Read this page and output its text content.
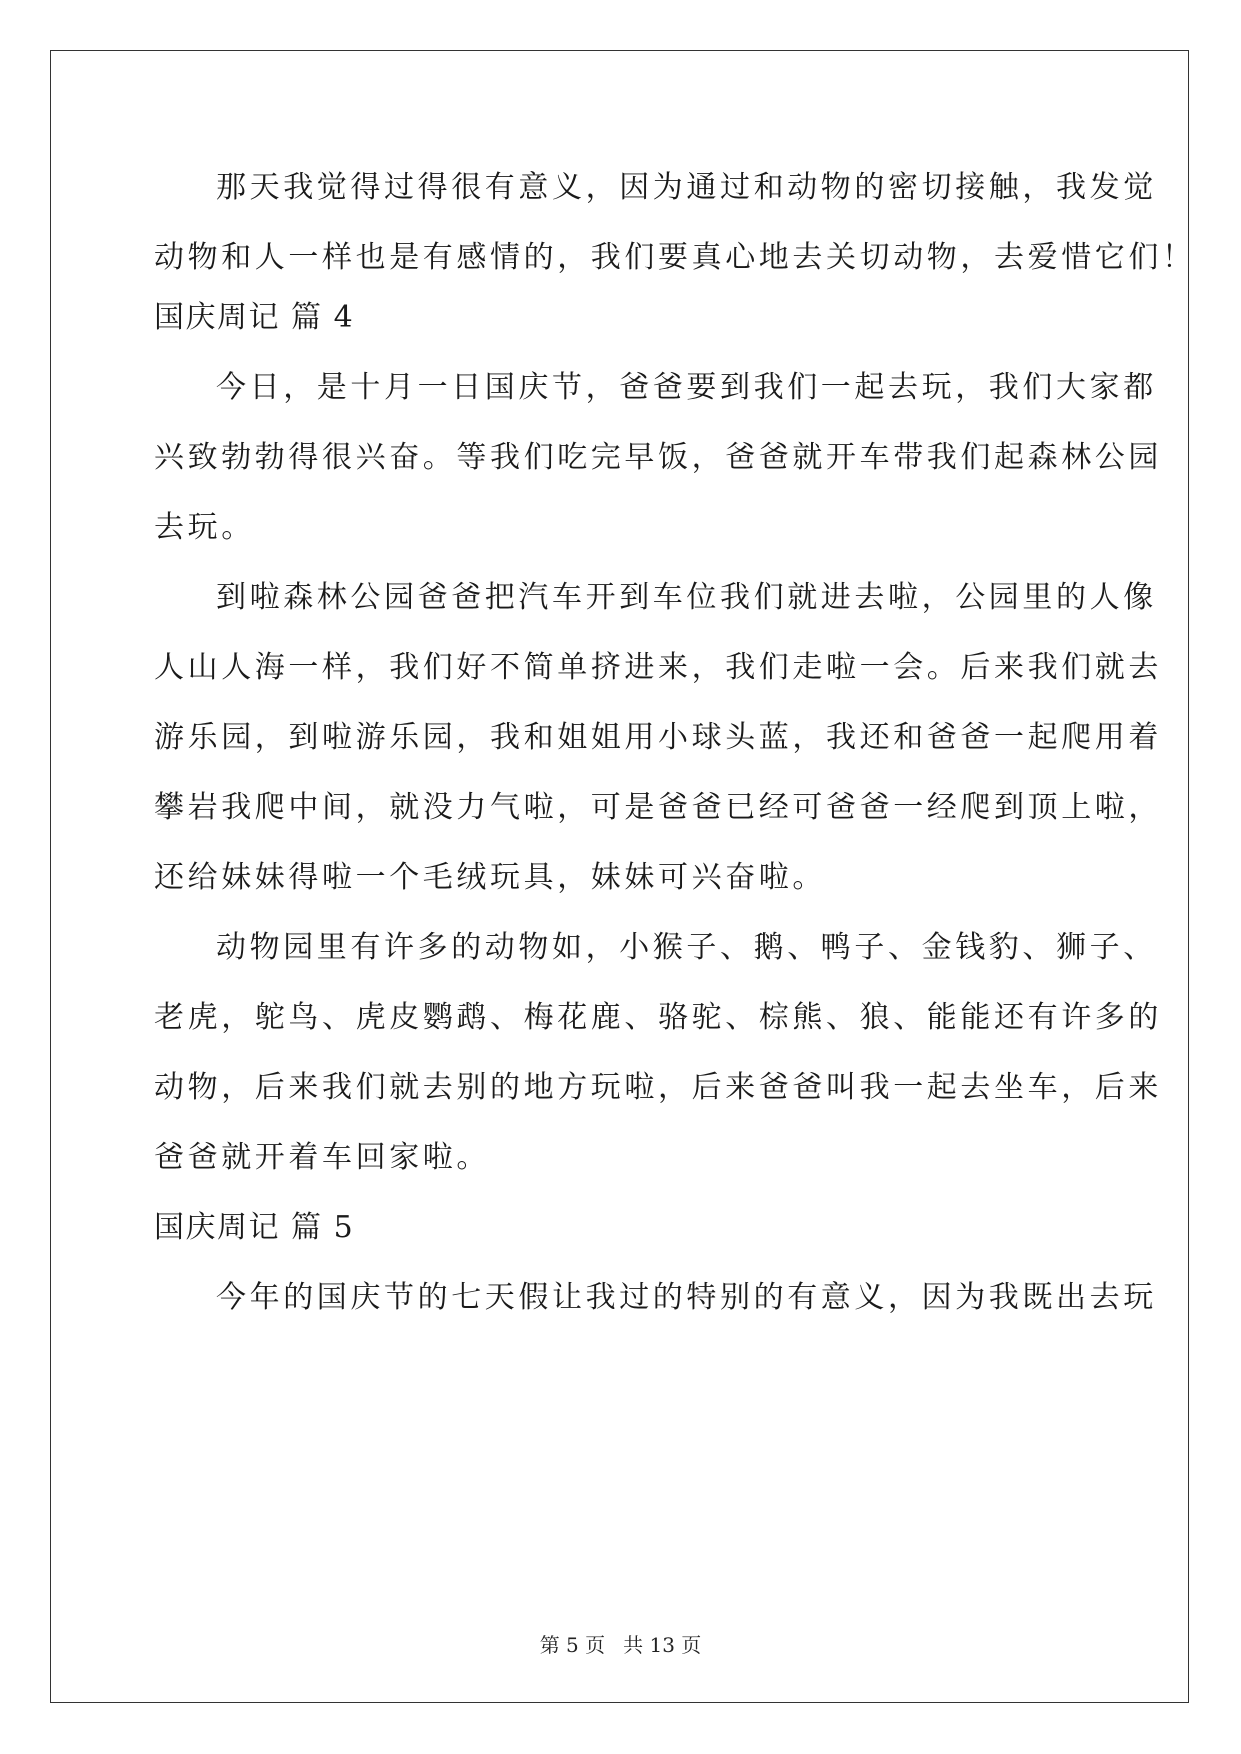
那天我觉得过得很有意义，因为通过和动物的密切接触，我发觉
动物和人一样也是有感情的，我们要真心地去关切动物，去爱惜它们！
国庆周记 篇 4
今日，是十月一日国庆节，爸爸要到我们一起去玩，我们大家都
兴致勃勃得很兴奋。等我们吃完早饭，爸爸就开车带我们起森林公园
去玩。
到啦森林公园爸爸把汽车开到车位我们就进去啦，公园里的人像
人山人海一样，我们好不简单挤进来，我们走啦一会。后来我们就去
游乐园，到啦游乐园，我和姐姐用小球头蓝，我还和爸爸一起爬用着
攀岩我爬中间，就没力气啦，可是爸爸已经可爸爸一经爬到顶上啦，
还给妹妹得啦一个毛绒玩具，妹妹可兴奋啦。
动物园里有许多的动物如，小猴子、鹅、鸭子、金钱豹、狮子、
老虎，鸵鸟、虎皮鹦鹉、梅花鹿、骆驼、棕熊、狼、能能还有许多的
动物，后来我们就去别的地方玩啦，后来爸爸叫我一起去坐车，后来
爸爸就开着车回家啦。
国庆周记 篇 5
今年的国庆节的七天假让我过的特别的有意义，因为我既出去玩
第 5 页 共 13 页
